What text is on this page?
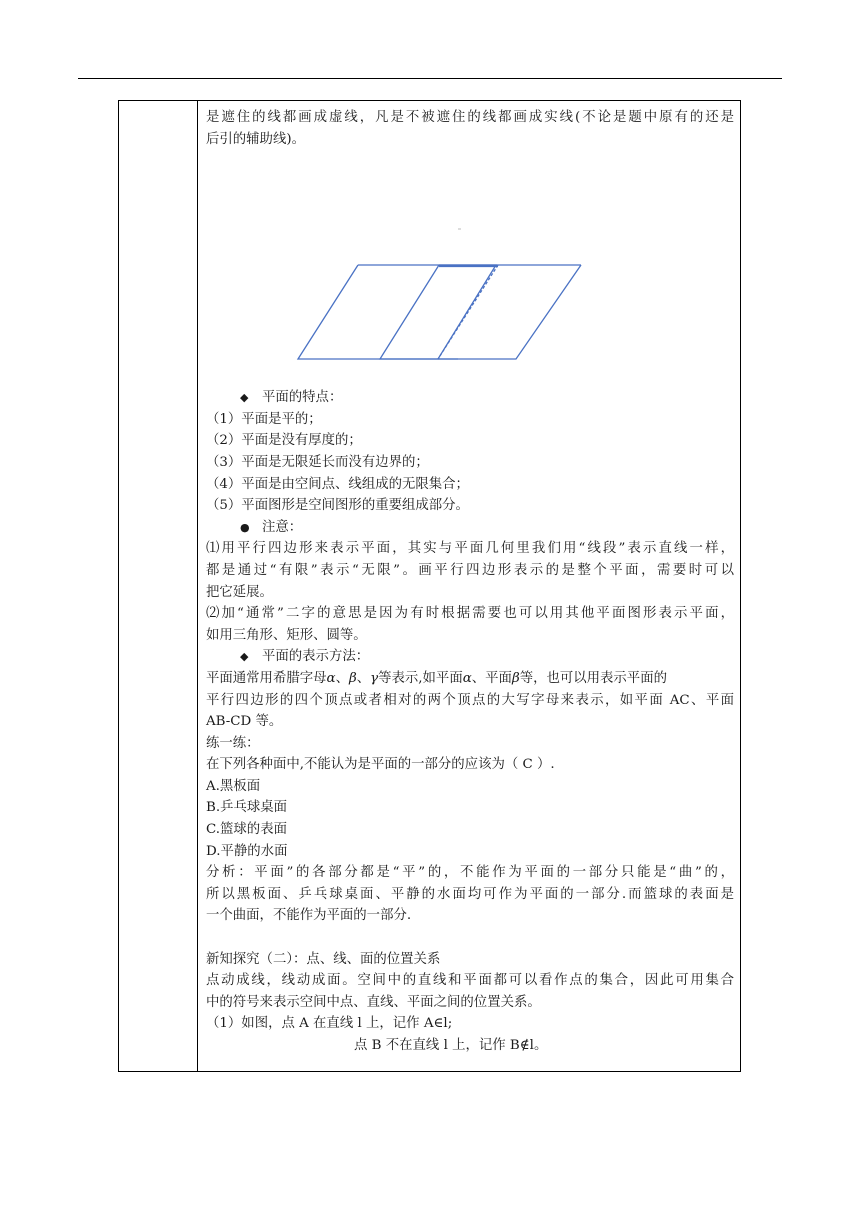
是遮住的线都画成虚线，凡是不被遮住的线都画成实线(不论是题中原有的还是
后引的辅助线)。
◆ 平面的特点：
（1）平面是平的；
（2）平面是没有厚度的；
（3）平面是无限延长而没有边界的；
（4）平面是由空间点、线组成的无限集合；
（5）平面图形是空间图形的重要组成部分。
● 注意：
⑴用平行四边形来表示平面，其实与平面几何里我们用“线段”表示直线一样，
都是通过“有限”表示“无限”。画平行四边形表示的是整个平面，需要时可以
把它延展。
⑵加“通常”二字的意思是因为有时根据需要也可以用其他平面图形表示平面，
如用三角形、矩形、圆等。
◆ 平面的表示方法：
平面通常用希腊字母α、β、γ等表示,如平面α、平面β等，也可以用表示平面的
平行四边形的四个顶点或者相对的两个顶点的大写字母来表示，如平面 AC、平面
AB-CD 等。
练一练：
在下列各种面中,不能认为是平面的一部分的应该为（ C ）.
A.黑板面
B.乒乓球桌面
C.篮球的表面
D.平静的水面
分析：平面”的各部分都是“平”的，不能作为平面的一部分只能是“曲”的，
所以黑板面、乒乓球桌面、平静的水面均可作为平面的一部分.而篮球的表面是
一个曲面，不能作为平面的一部分.
新知探究（二）：点、线、面的位置关系
点动成线，线动成面。空间中的直线和平面都可以看作点的集合，因此可用集合
中的符号来表示空间中点、直线、平面之间的位置关系。
（1）如图，点 A 在直线 l 上，记作 A∈l;
点 B 不在直线 l 上，记作 B∉l。
